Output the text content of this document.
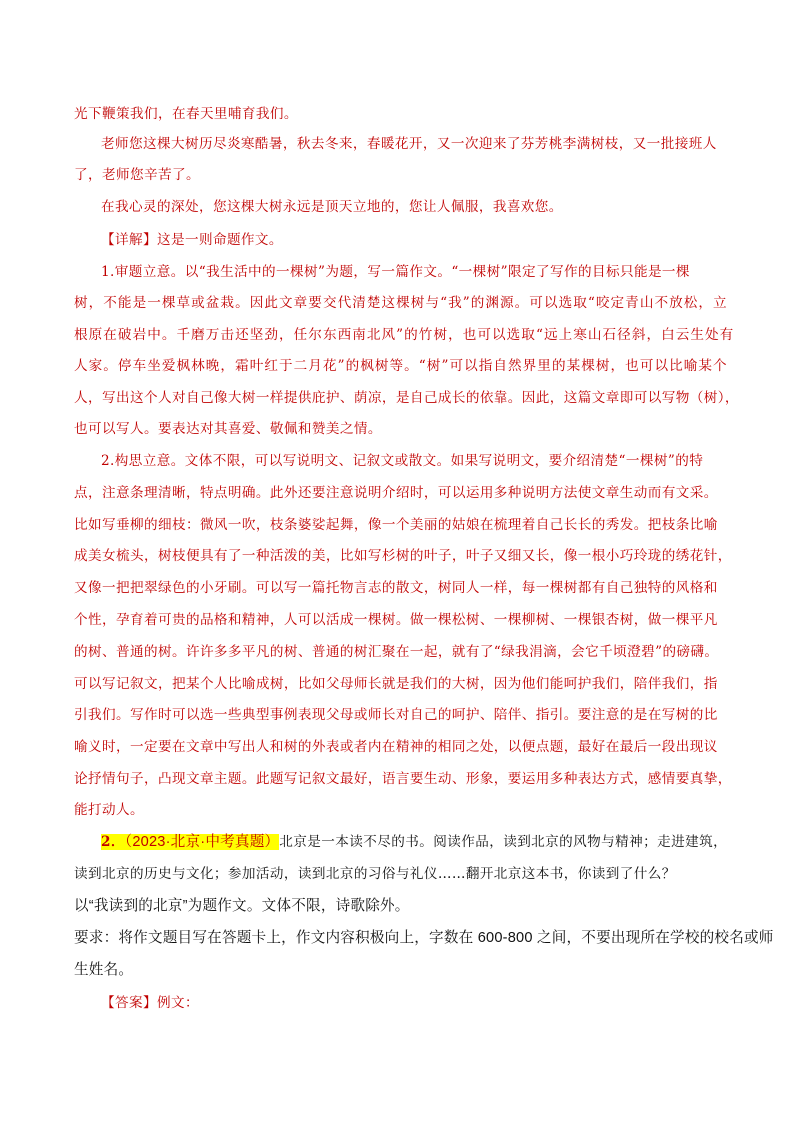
光下鞭策我们，在春天里哺育我们。
老师您这棵大树历尽炎寒酷暑，秋去冬来，春暖花开，又一次迎来了芬芳桃李满树枝，又一批接班人
了，老师您辛苦了。
在我心灵的深处，您这棵大树永远是顶天立地的，您让人佩服，我喜欢您。
【详解】这是一则命题作文。
1.审题立意。以“我生活中的一棵树”为题，写一篇作文。“一棵树”限定了写作的目标只能是一棵
树，不能是一棵草或盆栽。因此文章要交代清楚这棵树与“我”的渊源。可以选取“咬定青山不放松，立
根原在破岩中。千磨万击还坚劲，任尔东西南北风”的竹树，也可以选取“远上寒山石径斜，白云生处有
人家。停车坐爱枫林晚，霜叶红于二月花”的枫树等。“树”可以指自然界里的某棵树，也可以比喻某个
人，写出这个人对自己像大树一样提供庇护、荫凉，是自己成长的依靠。因此，这篇文章即可以写物（树），
也可以写人。要表达对其喜爱、敬佩和赞美之情。
2.构思立意。文体不限，可以写说明文、记叙文或散文。如果写说明文，要介绍清楚“一棵树”的特
点，注意条理清晰，特点明确。此外还要注意说明介绍时，可以运用多种说明方法使文章生动而有文采。
比如写垂柳的细枝：微风一吹，枝条婆娑起舞，像一个美丽的姑娘在梳理着自己长长的秀发。把枝条比喻
成美女梳头，树枝便具有了一种活泼的美，比如写杉树的叶子，叶子又细又长，像一根小巧玲珑的绣花针，
又像一把把翠绿色的小牙刷。可以写一篇托物言志的散文，树同人一样，每一棵树都有自己独特的风格和
个性，孕育着可贵的品格和精神，人可以活成一棵树。做一棵松树、一棵柳树、一棵银杏树，做一棵平凡
的树、普通的树。许许多多平凡的树、普通的树汇聚在一起，就有了“绿我涓滴，会它千顷澄碧”的磅礴。
可以写记叙文，把某个人比喻成树，比如父母师长就是我们的大树，因为他们能呵护我们，陪伴我们，指
引我们。写作时可以选一些典型事例表现父母或师长对自己的呵护、陪伴、指引。要注意的是在写树的比
喻义时，一定要在文章中写出人和树的外表或者内在精神的相同之处，以便点题，最好在最后一段出现议
论抒情句子，凸现文章主题。此题写记叙文最好，语言要生动、形象，要运用多种表达方式，感情要真挚，
能打动人。
2．（2023·北京·中考真题）北京是一本读不尽的书。阅读作品，读到北京的风物与精神；走进建筑，
读到北京的历史与文化；参加活动，读到北京的习俗与礼仪……翻开北京这本书，你读到了什么？
以“我读到的北京”为题作文。文体不限，诗歌除外。
要求：将作文题目写在答题卡上，作文内容积极向上，字数在 600-800 之间，不要出现所在学校的校名或师
生姓名。
【答案】例文：
